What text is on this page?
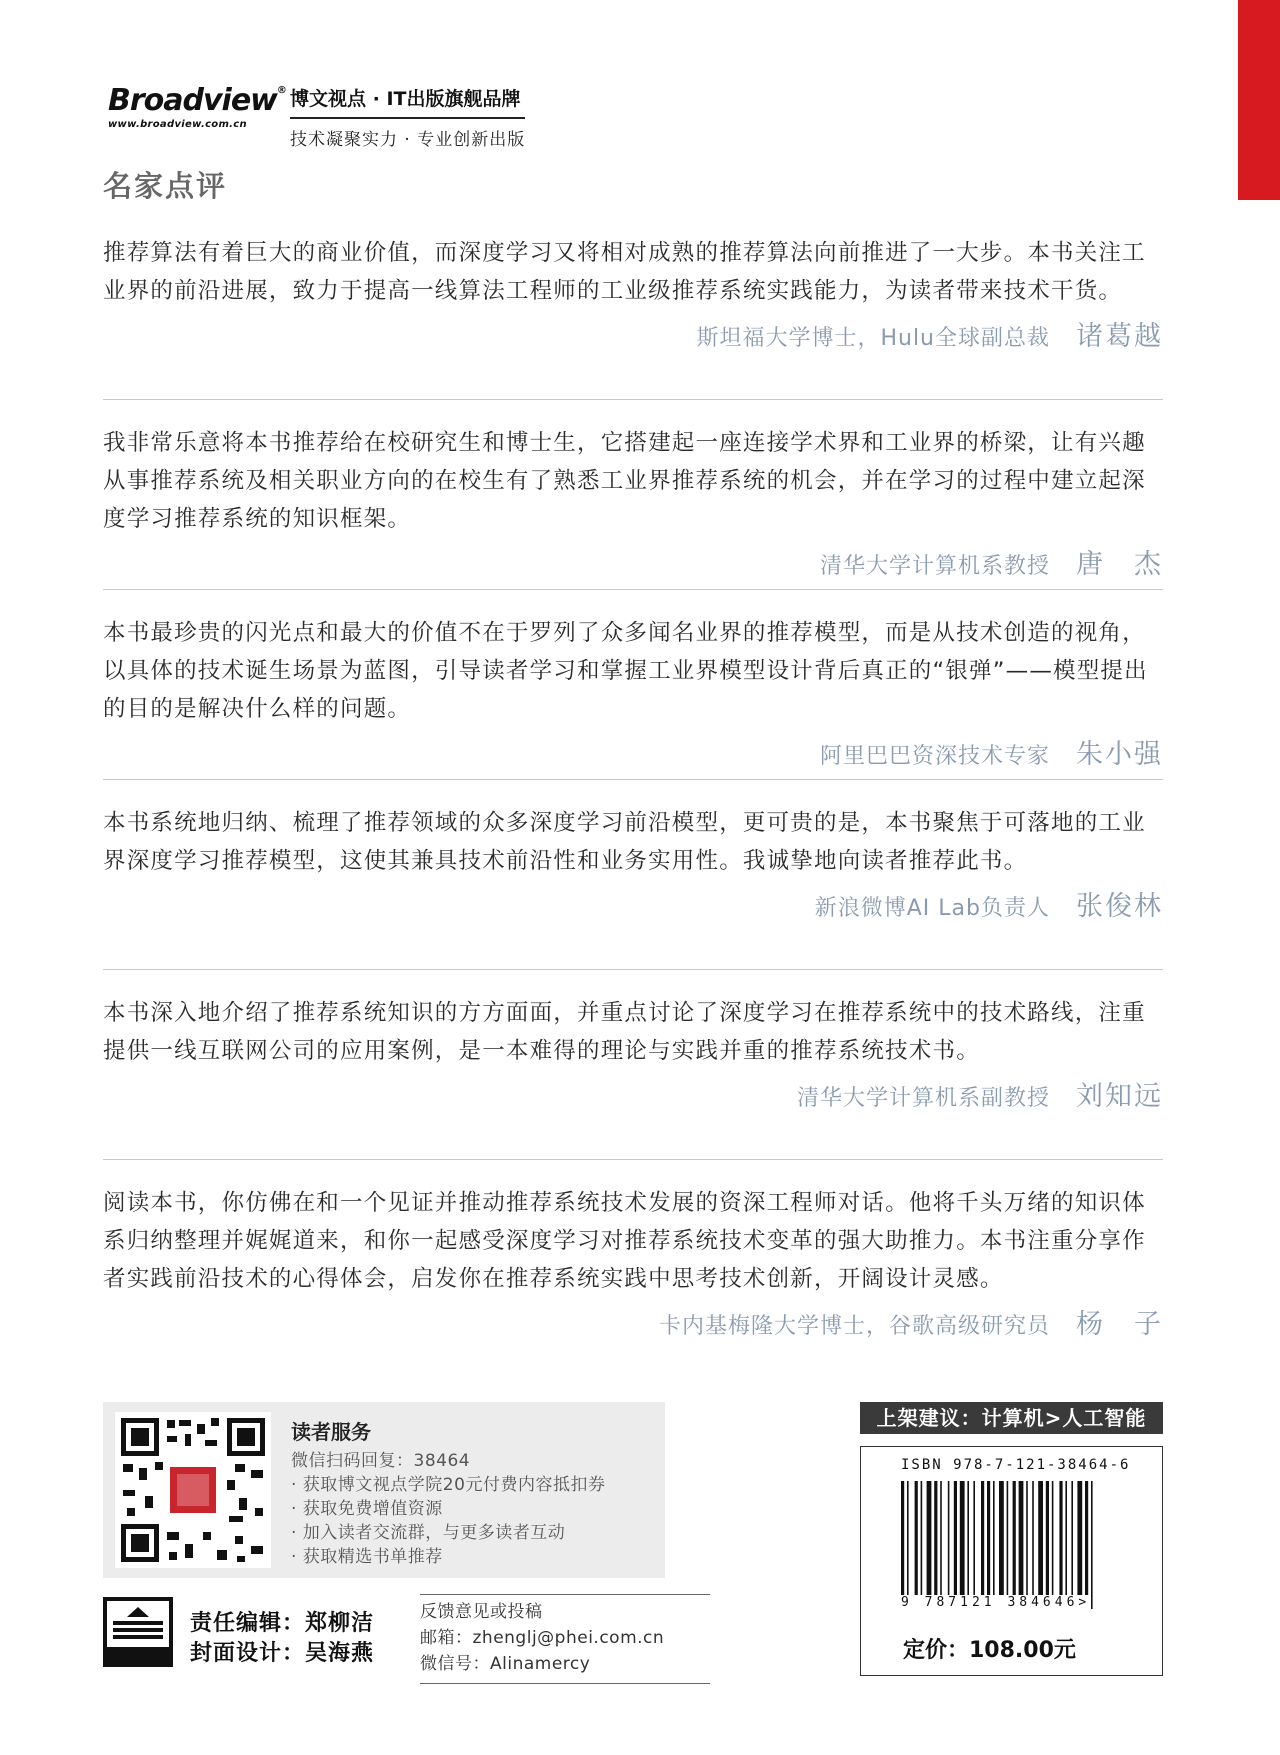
Broadview®
www.broadview.com.cn
博文视点 · IT出版旗舰品牌
技术凝聚实力 · 专业创新出版
名家点评

推荐算法有着巨大的商业价值，而深度学习又将相对成熟的推荐算法向前推进了一大步。本书关注工业界的前沿进展，致力于提高一线算法工程师的工业级推荐系统实践能力，为读者带来技术干货。

斯坦福大学博士，Hulu全球副总裁 诸葛越

我非常乐意将本书推荐给在校研究生和博士生，它搭建起一座连接学术界和工业界的桥梁，让有兴趣从事推荐系统及相关职业方向的在校生有了熟悉工业界推荐系统的机会，并在学习的过程中建立起深度学习推荐系统的知识框架。

清华大学计算机系教授 唐　杰

本书最珍贵的闪光点和最大的价值不在于罗列了众多闻名业界的推荐模型，而是从技术创造的视角，以具体的技术诞生场景为蓝图，引导读者学习和掌握工业界模型设计背后真正的“银弹”——模型提出的目的是解决什么样的问题。

阿里巴巴资深技术专家 朱小强

本书系统地归纳、梳理了推荐领域的众多深度学习前沿模型，更可贵的是，本书聚焦于可落地的工业界深度学习推荐模型，这使其兼具技术前沿性和业务实用性。我诚挚地向读者推荐此书。

新浪微博AI Lab负责人 张俊林

本书深入地介绍了推荐系统知识的方方面面，并重点讨论了深度学习在推荐系统中的技术路线，注重提供一线互联网公司的应用案例，是一本难得的理论与实践并重的推荐系统技术书。

清华大学计算机系副教授 刘知远

阅读本书，你仿佛在和一个见证并推动推荐系统技术发展的资深工程师对话。他将千头万绪的知识体系归纳整理并娓娓道来，和你一起感受深度学习对推荐系统技术变革的强大助推力。本书注重分享作者实践前沿技术的心得体会，启发你在推荐系统实践中思考技术创新，开阔设计灵感。

卡内基梅隆大学博士，谷歌高级研究员 杨　子
读者服务
微信扫码回复：38464
· 获取博文视点学院20元付费内容抵扣券
· 获取免费增值资源
· 加入读者交流群，与更多读者互动
· 获取精选书单推荐
上架建议：计算机>人工智能
ISBN 978-7-121-38464-6
9 787121 384646>
定价：108.00元
责任编辑：郑柳洁
封面设计：吴海燕
反馈意见或投稿
邮箱：zhenglj@phei.com.cn
微信号：Alinamercy
